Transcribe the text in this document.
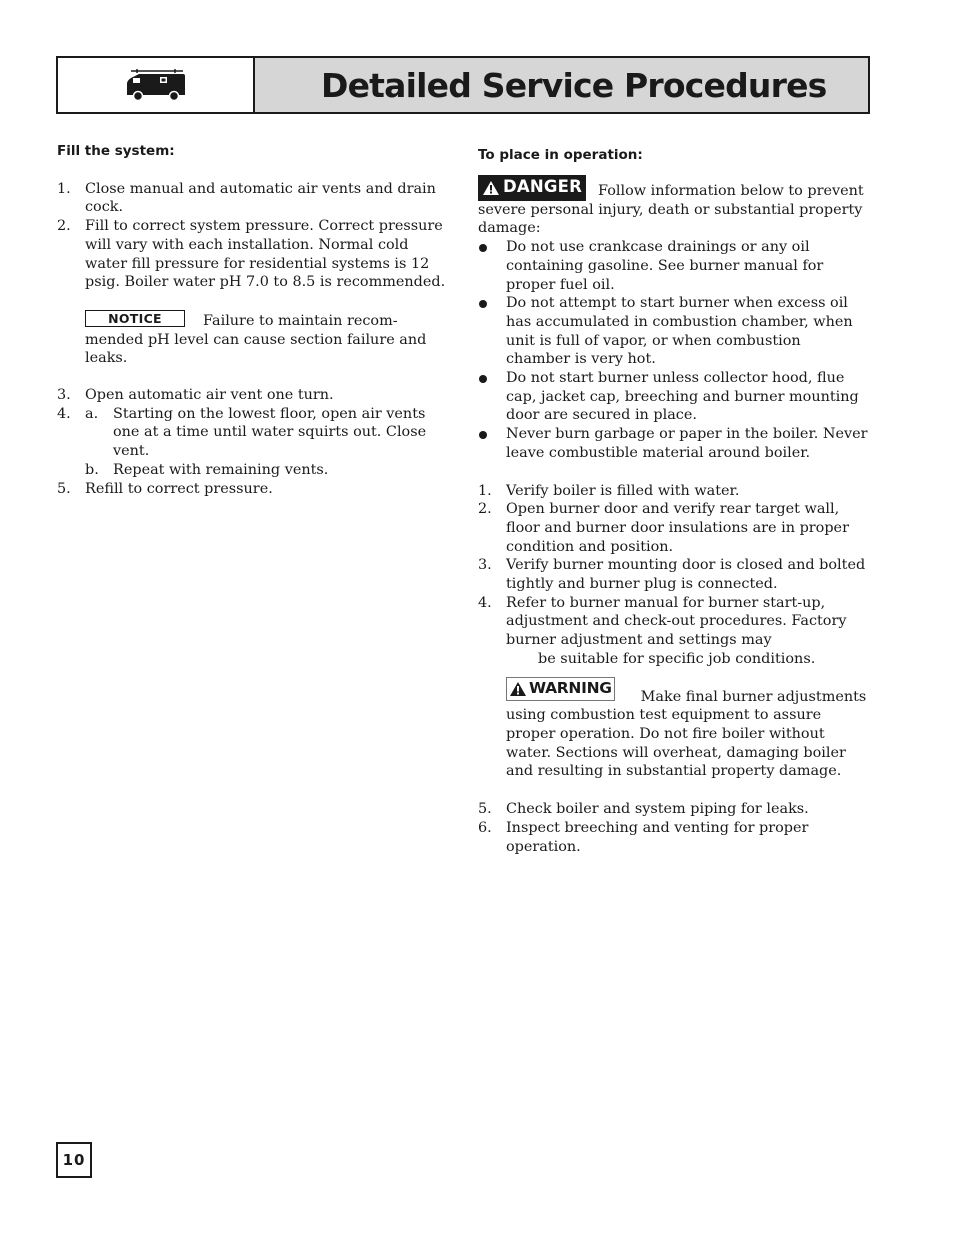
Detailed Service Procedures

Fill the system:

1. Close manual and automatic air vents and drain cock.
2. Fill to correct system pressure. Correct pressure will vary with each installation. Normal cold water fill pressure for residential systems is 12 psig. Boiler water pH 7.0 to 8.5 is recommended.
NOTICE	Failure to maintain recommended pH level can cause section failure and leaks.
3. Open automatic air vent one turn.
4. a. Starting on the lowest floor, open air vents one at a time until water squirts out. Close vent.
b. Repeat with remaining vents.
5. Refill to correct pressure.

To place in operation:

DANGER Follow information below to prevent severe personal injury, death or substantial property damage:
Do not use crankcase drainings or any oil containing gasoline. See burner manual for proper fuel oil.
Do not attempt to start burner when excess oil has accumulated in combustion chamber, when unit is full of vapor, or when combustion chamber is very hot.
Do not start burner unless collector hood, flue cap, jacket cap, breeching and burner mounting door are secured in place.
Never burn garbage or paper in the boiler. Never leave combustible material around boiler.
1. Verify boiler is filled with water.
2. Open burner door and verify rear target wall, floor and burner door insulations are in proper condition and position.
3. Verify burner mounting door is closed and bolted tightly and burner plug is connected.
4. Refer to burner manual for burner start-up, adjustment and check-out procedures. Factory burner adjustment and settings may
be suitable for specific job conditions.
WARNING Make final burner adjustments using combustion test equipment to assure proper operation. Do not fire boiler without water. Sections will overheat, damaging boiler and resulting in substantial property damage.
5. Check boiler and system piping for leaks.
6. Inspect breeching and venting for proper operation.
10
